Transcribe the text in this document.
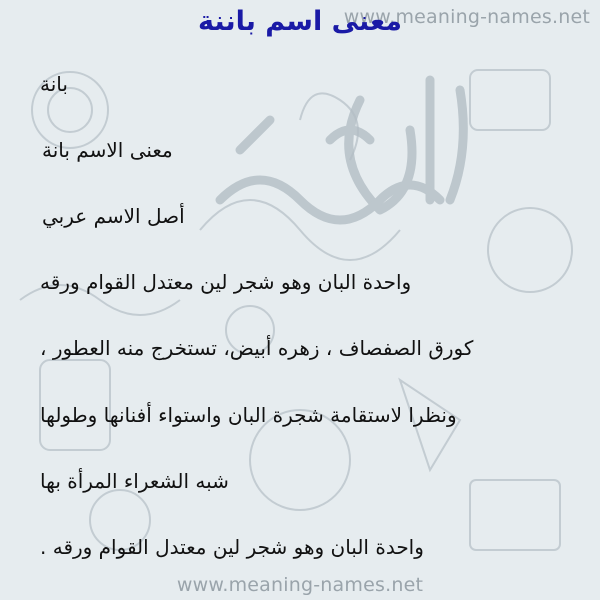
www.meaning-names.net
معنى اسم باننة
بانة
معنى الاسم بانة
أصل الاسم عربي
واحدة البان وهو شجر لين معتدل القوام ورقه
كورق الصفصاف ، زهره أبيض، تستخرج منه العطور ،
ونظرا لاستقامة شجرة البان واستواء أفنانها وطولها
شبه الشعراء المرأة بها
واحدة البان وهو شجر لين معتدل القوام ورقه .
www.meaning-names.net
